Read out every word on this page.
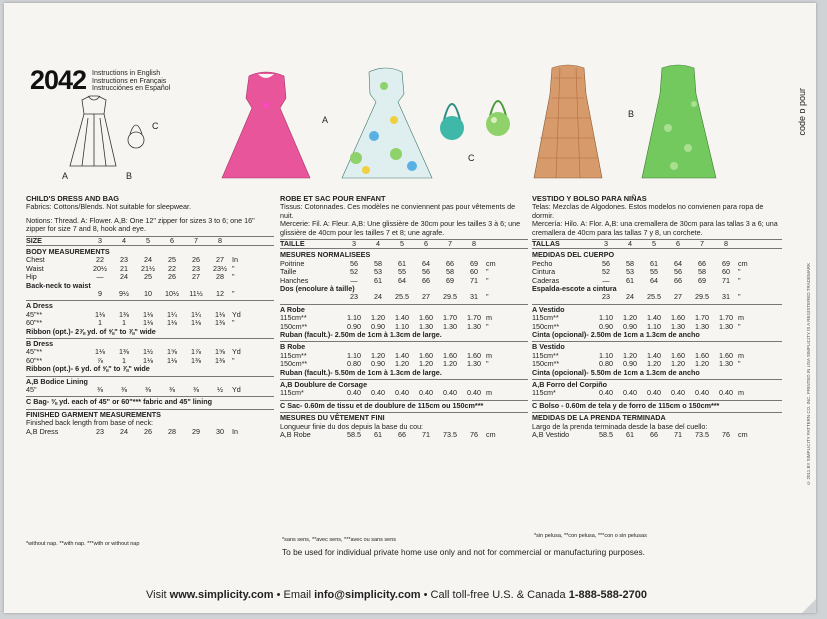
2042 Instructions in English
Instructions en Français
Instrucciónes en Español
A	B
C
A
C
B	code ɒ pour
© 2011 BY SIMPLICITY PATTERN CO. INC. PRINTED IN USA SIMPLICITY IS A REGISTERED TRADEMARK
CHILD'S DRESS AND BAG
Fabrics: Cottons/Blends. Not suitable for sleepwear.
Notions: Thread. A: Flower. A,B: One 12" zipper for sizes 3 to 6; one 16" zipper for size 7 and 8, hook and eye.
SIZE	3	4	5	6	7	8
BODY MEASUREMENTS
Chest	22	23	24	25	26	27	In
Waist	20½	21	21½	22	23	23½ "
Hip	—	24	25	26	27	28	"
Back-neck to waist
9	9½	10	10½	11½	12	"
A Dress
45"**	1⅛	1⅜	1⅛	1¼	1¼	1⅛ Yd
60"**	1	1	1⅛	1⅛	1⅛	1⅜ "
Ribbon (opt.)- 2⅞ yd. of ⅝" to ⅞" wide
B Dress
45"**	1⅛	1⅜	1½	1⅝	1⅞	1⅝ Yd
60"**	⅞	1	1⅛	1⅛	1⅜	1⅜ "
Ribbon (opt.)- 6 yd. of ⅝" to ⅞" wide
A,B Bodice Lining
45"	⅜	⅜	⅜	⅜	⅜	½	Yd
C Bag- ⅜ yd. each of 45" or 60"*** fabric and 45" lining
FINISHED GARMENT MEASUREMENTS
Finished back length from base of neck:
A,B Dress	23	24	26	28	29	30	In
ROBE ET SAC POUR ENFANT
Tissus: Cotonnades. Ces modèles ne conviennent pas pour vêtements de nuit.
Mercerie: Fil. A: Fleur. A,B: Une glissière de 30cm pour les tailles 3 à 6; une glissière de 40cm pour les tailles 7 et 8; une agrafe.
TAILLE	3	4	5	6	7	8
MESURES NORMALISEES
Poitrine	56	58	61	64	66	69	cm
Taille	52	53	55	56	58	60	"
Hanches	—	61	64	66	69	71	"
Dos (encolure à taille)
23	24	25.5	27	29.5	31	"
A Robe
115cm**	1.10	1.20	1.40	1.60	1.70	1.70 m
150cm**	0.90	0.90	1.10	1.30	1.30	1.30 "
Ruban (facult.)- 2.50m de 1cm à 1.3cm de large.
B Robe
115cm**	1.10	1.20	1.40	1.60	1.60	1.60 m
150cm**	0.80	0.90	1.20	1.20	1.20	1.30 "
Ruban (facult.)- 5.50m de 1cm à 1.3cm de large.
A,B Doublure de Corsage
115cm*	0.40	0.40	0.40	0.40	0.40	0.40 m
C Sac- 0.60m de tissu et de doublure de 115cm ou 150cm***
MESURES DU VÊTEMENT FINI
Longueur finie du dos depuis la base du cou:
A,B Robe	58.5	61	66	71	73.5	76	cm
VESTIDO Y BOLSO PARA NIÑAS
Telas: Mezclas de Algodones. Estos modelos no convienen para ropa de dormir.
Mercería: Hilo. A: Flor. A,B: una cremallera de 30cm para las tallas 3 a 6; una cremallera de 40cm para las tallas 7 y 8, un corchete.
TALLAS	3	4	5	6	7	8
MEDIDAS DEL CUERPO
Pecho	56	58	61	64	66	69	cm
Cintura	52	53	55	56	58	60	"
Caderas	—	61	64	66	69	71	"
Espalda-escote a cintura
23	24	25.5	27	29.5	31	"
A Vestido
115cm**	1.10	1.20	1.40	1.60	1.70	1.70 m
150cm**	0.90	0.90	1.10	1.30	1.30	1.30 "
Cinta (opcional)- 2.50m de 1cm a 1.3cm de ancho
B Vestido
115cm**	1.10	1.20	1.40	1.60	1.60	1.60 m
150cm**	0.80	0.90	1.20	1.20	1.20	1.30 "
Cinta (opcional)- 5.50m de 1cm a 1.3cm de ancho
A,B Forro del Corpiño
115cm*	0.40	0.40	0.40	0.40	0.40	0.40 m
C Bolso - 0.60m de tela y de forro de 115cm o 150cm***
MEDIDAS DE LA PRENDA TERMINADA
Largo de la prenda terminada desde la base del cuello:
A,B Vestido	58.5	61	66	71	73.5	76	cm
*without nap. **with nap. ***with or without nap
*sans sens, **avec sens, ***avec ou sans sens
*sin pelusa, **con pelusa, ***con o sin pelusas
To be used for individual private home use only and not for commercial or manufacturing purposes.
Visit www.simplicity.com • Email info@simplicity.com • Call toll-free U.S. & Canada 1-888-588-2700
